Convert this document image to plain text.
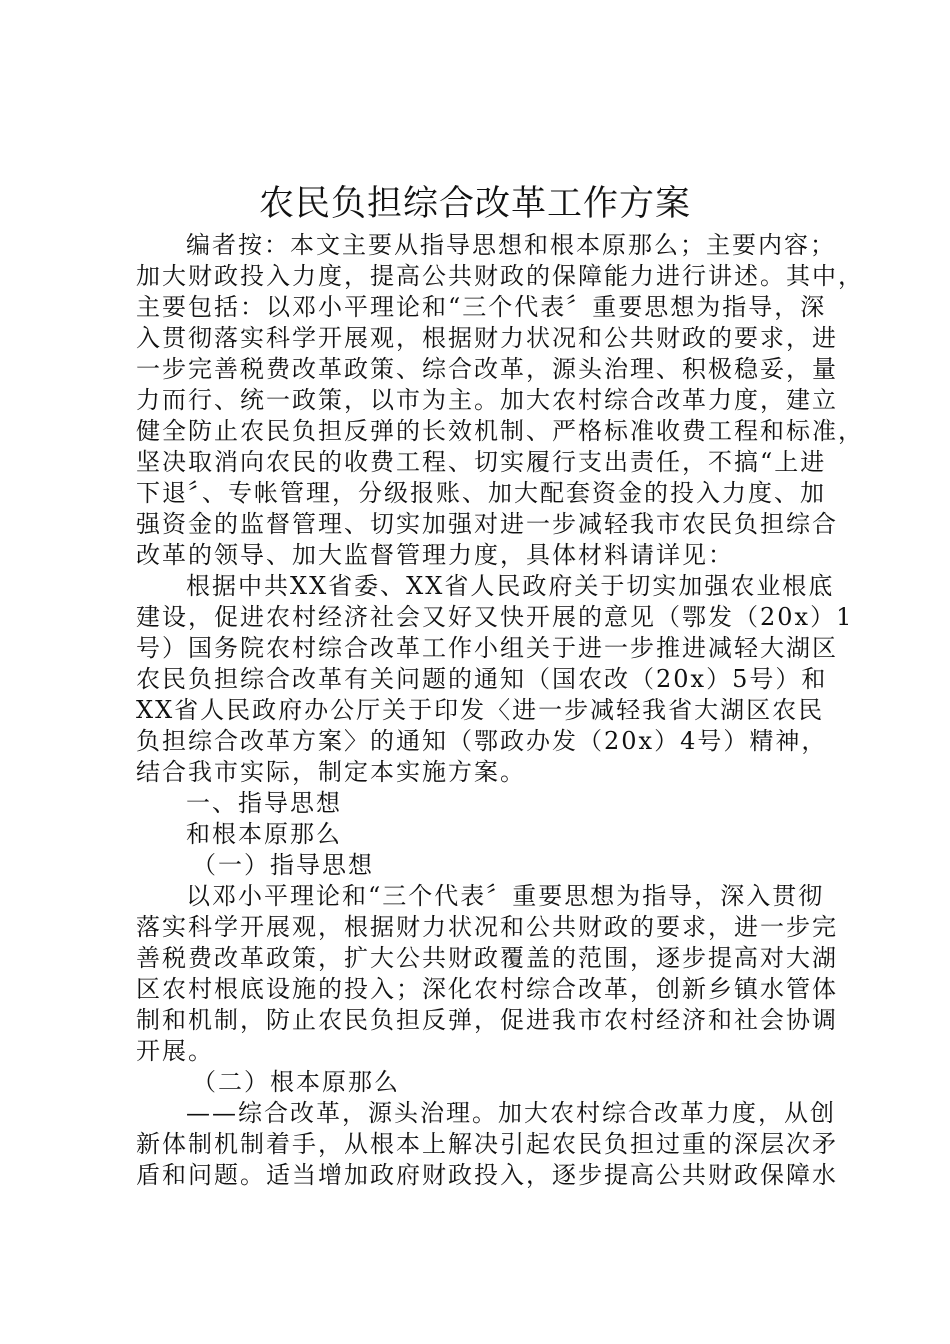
农民负担综合改革工作方案
编者按：本文主要从指导思想和根本原那么；主要内容；
加大财政投入力度，提高公共财政的保障能力进行讲述。其中，
主要包括：以邓小平理论和“三个代表〞重要思想为指导，深
入贯彻落实科学开展观，根据财力状况和公共财政的要求，进
一步完善税费改革政策、综合改革，源头治理、积极稳妥，量
力而行、统一政策，以市为主。加大农村综合改革力度，建立
健全防止农民负担反弹的长效机制、严格标准收费工程和标准，
坚决取消向农民的收费工程、切实履行支出责任，不搞“上进
下退〞、专帐管理，分级报账、加大配套资金的投入力度、加
强资金的监督管理、切实加强对进一步减轻我市农民负担综合
改革的领导、加大监督管理力度，具体材料请详见：
根据中共XX省委、XX省人民政府关于切实加强农业根底
建设，促进农村经济社会又好又快开展的意见（鄂发（20x）1
号）国务院农村综合改革工作小组关于进一步推进减轻大湖区
农民负担综合改革有关问题的通知（国农改（20x）5号）和
XX省人民政府办公厅关于印发〈进一步减轻我省大湖区农民
负担综合改革方案〉的通知（鄂政办发（20x）4号）精神，
结合我市实际，制定本实施方案。
一、指导思想
和根本原那么
（一）指导思想
以邓小平理论和“三个代表〞重要思想为指导，深入贯彻
落实科学开展观，根据财力状况和公共财政的要求，进一步完
善税费改革政策，扩大公共财政覆盖的范围，逐步提高对大湖
区农村根底设施的投入；深化农村综合改革，创新乡镇水管体
制和机制，防止农民负担反弹，促进我市农村经济和社会协调
开展。
（二）根本原那么
——综合改革，源头治理。加大农村综合改革力度，从创
新体制机制着手，从根本上解决引起农民负担过重的深层次矛
盾和问题。适当增加政府财政投入，逐步提高公共财政保障水
